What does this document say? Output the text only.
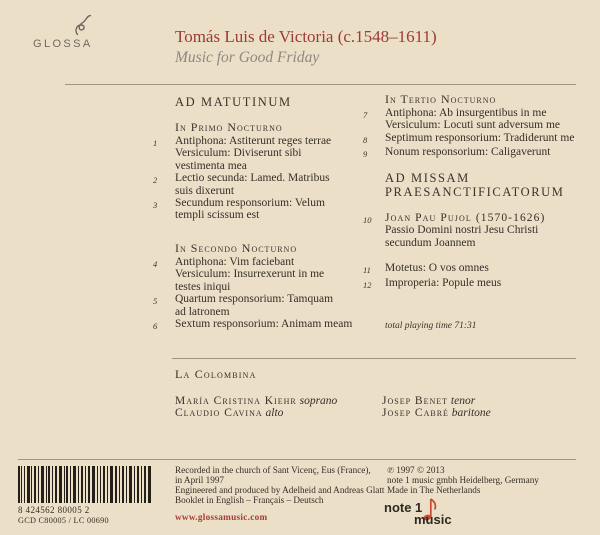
GLOSSA	Tomás Luis de Victoria (c.1548–1611)
Music for Good Friday
AD MATUTINUM
In Primo Nocturno
1	Antiphona: Astiterunt reges terrae
Versiculum: Diviserunt sibi
vestimenta mea
2	Lectio secunda: Lamed. Matribus
suis dixerunt
3	Secundum responsorium: Velum
templi scissum est
In Secondo Nocturno
4	Antiphona: Vim faciebant
Versiculum: Insurrexerunt in me
testes iniqui
5	Quartum responsorium: Tamquam
ad latronem
6	Sextum responsorium: Animam meam
In Tertio Nocturno
7	Antiphona: Ab insurgentibus in me
Versiculum: Locuti sunt adversum me
8	Septimum responsorium: Tradiderunt me
9	Nonum responsorium: Caligaverunt
AD MISSAM
PRAESANCTIFICATORUM
10	Joan Pau Pujol (1570-1626)
Passio Domini nostri Jesu Christi
secundum Joannem
11	Motetus: O vos omnes
12	Improperia: Popule meus
total playing time 71:31
La Colombina
María Cristina Kiehr soprano
Claudio Cavina alto
Josep Benet tenor
Josep Cabré baritone
8 424562 80005 2
GCD C80005 / LC 00690
Recorded in the church of Sant Vicenç, Eus (France),
in April 1997
Engineered and produced by Adelheid and Andreas Glatt
Booklet in English – Français – Deutsch
www.glossamusic.com
℗ 1997 © 2013
note 1 music gmbh Heidelberg, Germany
Made in The Netherlands
note 1
music
